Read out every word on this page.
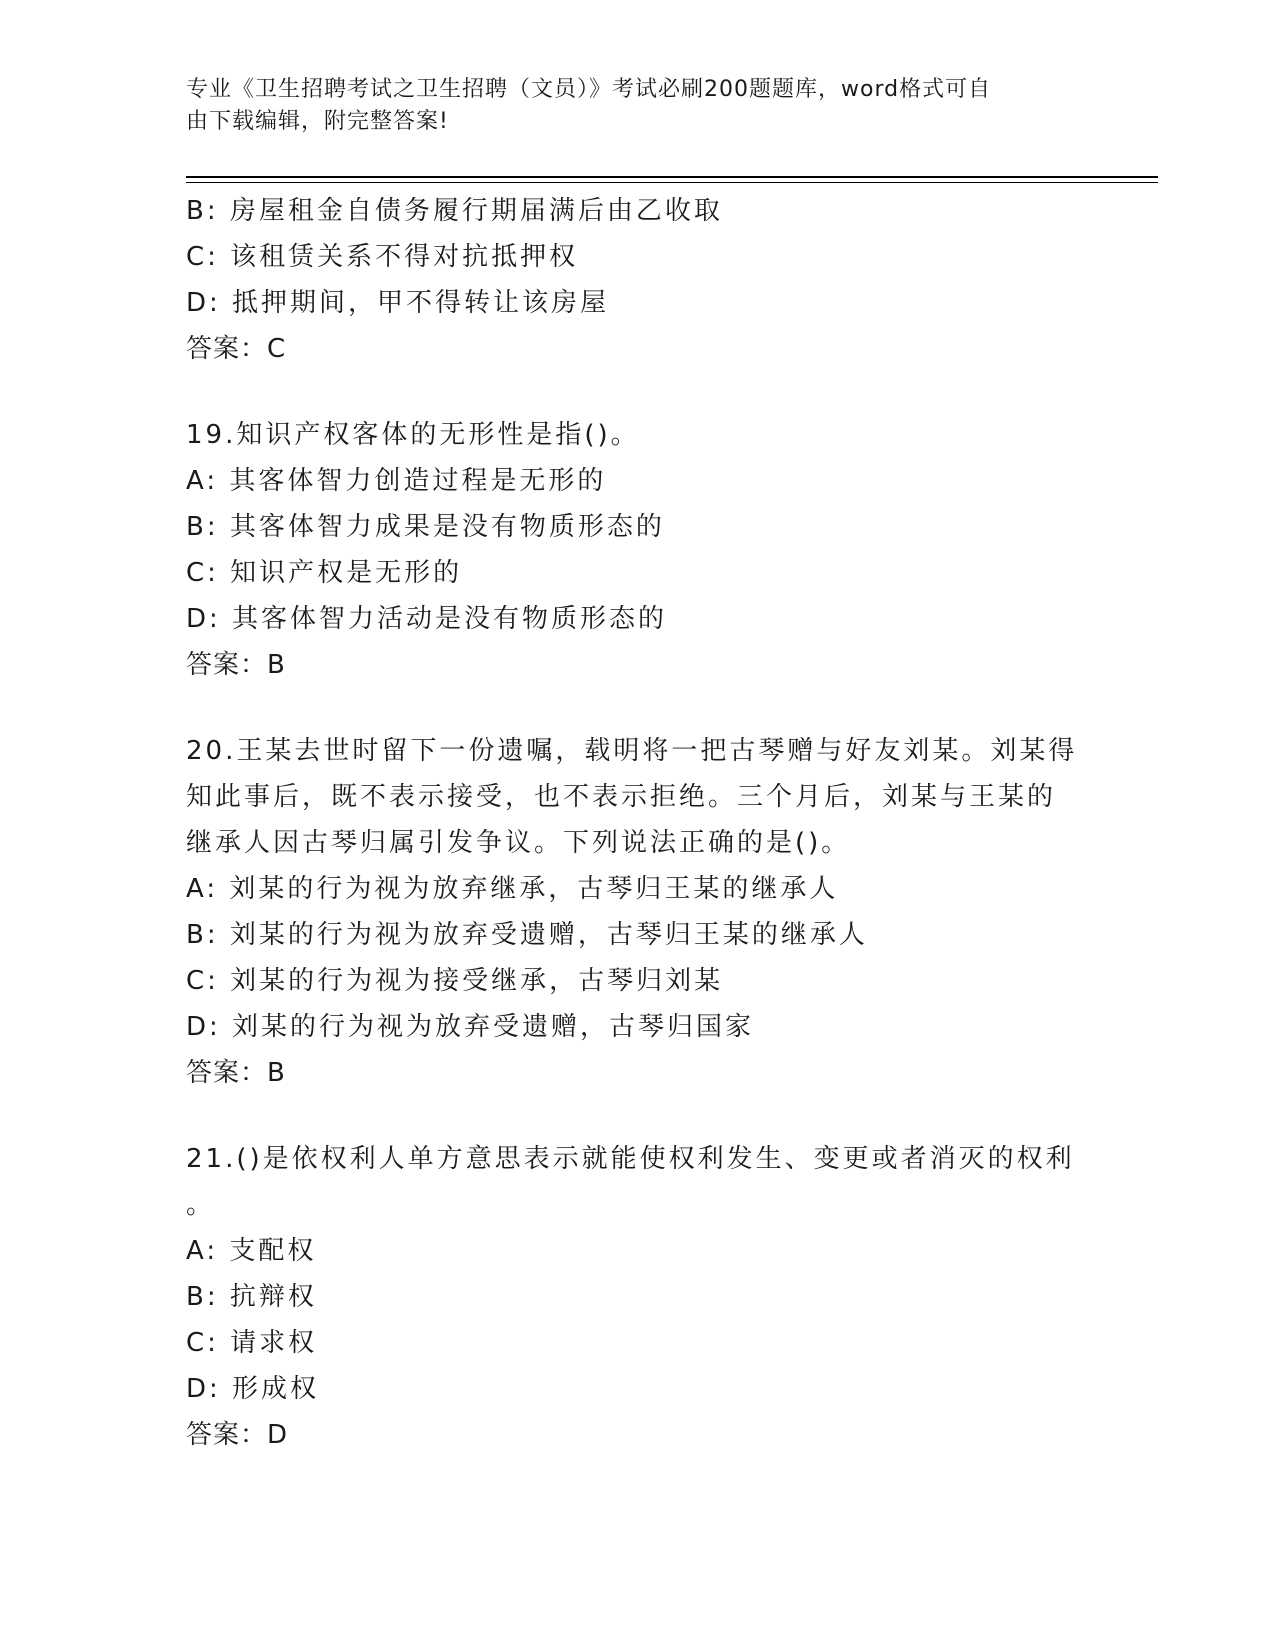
专业《卫生招聘考试之卫生招聘（文员）》考试必刷200题题库，word格式可自
由下载编辑，附完整答案!
B: 房屋租金自债务履行期届满后由乙收取
C: 该租赁关系不得对抗抵押权
D: 抵押期间，甲不得转让该房屋
答案：C
19.知识产权客体的无形性是指()。
A: 其客体智力创造过程是无形的
B: 其客体智力成果是没有物质形态的
C: 知识产权是无形的
D: 其客体智力活动是没有物质形态的
答案：B
20.王某去世时留下一份遗嘱，载明将一把古琴赠与好友刘某。刘某得
知此事后，既不表示接受，也不表示拒绝。三个月后，刘某与王某的
继承人因古琴归属引发争议。下列说法正确的是()。
A: 刘某的行为视为放弃继承，古琴归王某的继承人
B: 刘某的行为视为放弃受遗赠，古琴归王某的继承人
C: 刘某的行为视为接受继承，古琴归刘某
D: 刘某的行为视为放弃受遗赠，古琴归国家
答案：B
21.()是依权利人单方意思表示就能使权利发生、变更或者消灭的权利
。
A: 支配权
B: 抗辩权
C: 请求权
D: 形成权
答案：D
